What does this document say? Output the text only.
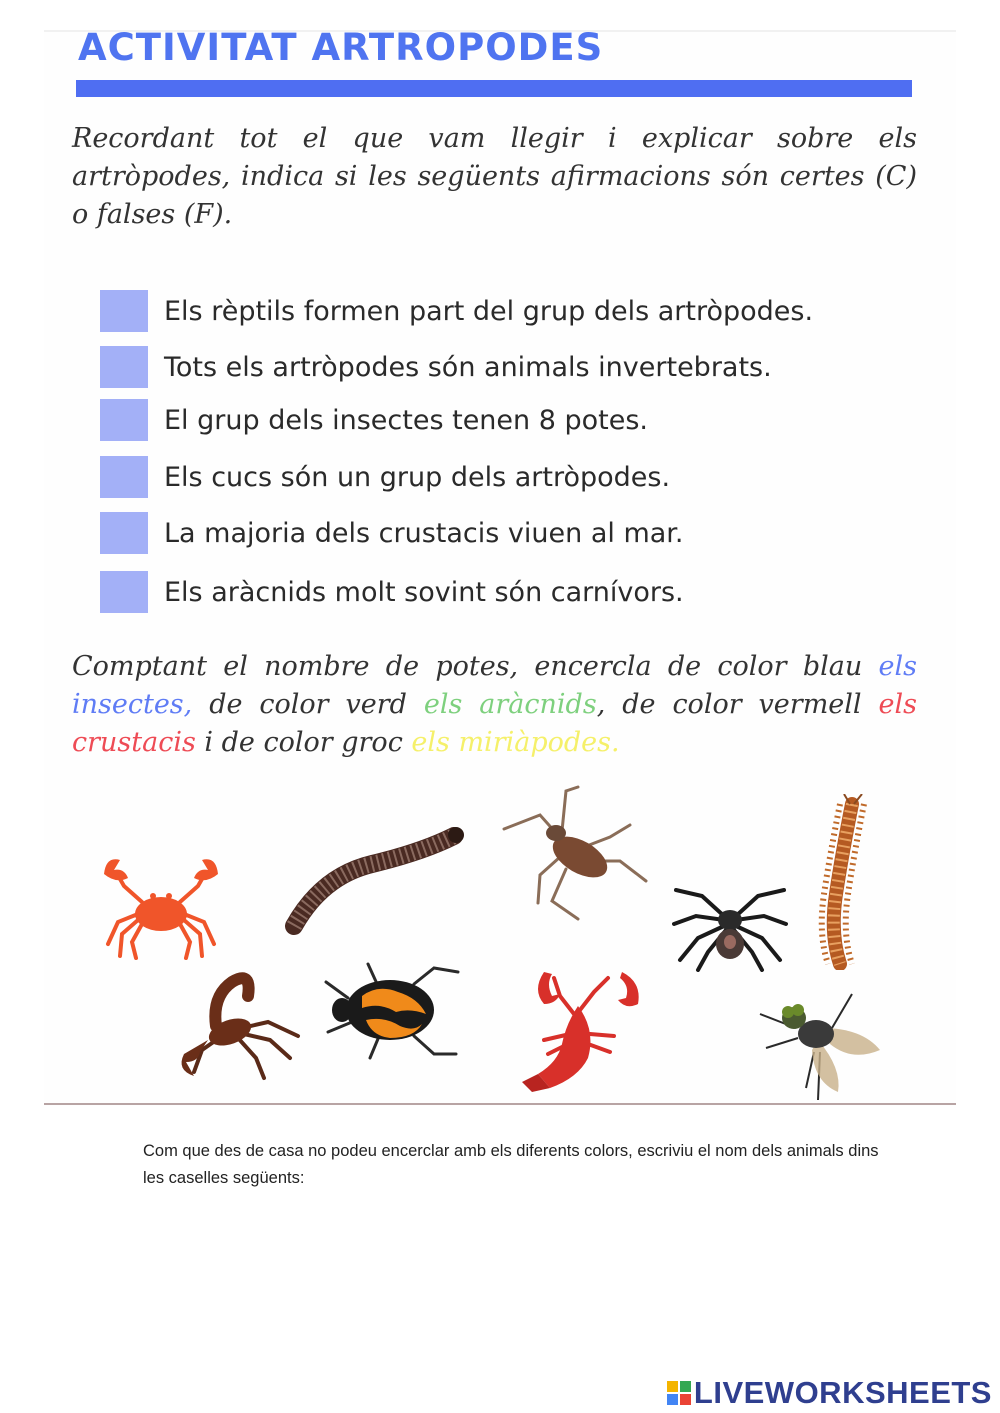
ACTIVITAT ARTROPODES

Recordant tot el que vam llegir i explicar sobre els artròpodes, indica si les següents afirmacions són certes (C) o falses (F).

Els rèptils formen part del grup dels artròpodes.
Tots els artròpodes són animals invertebrats.
El grup dels insectes tenen 8 potes.
Els cucs són un grup dels artròpodes.
La majoria dels crustacis viuen al mar.
Els aràcnids molt sovint són carnívors.

Comptant el nombre de potes, encercla de color blau els insectes, de color verd els aràcnids, de color vermell els crustacis i de color groc els miriàpodes.

Com que des de casa no podeu encerclar amb els diferents colors, escriviu el nom dels animals dins les caselles següents:

LIVEWORKSHEETS
